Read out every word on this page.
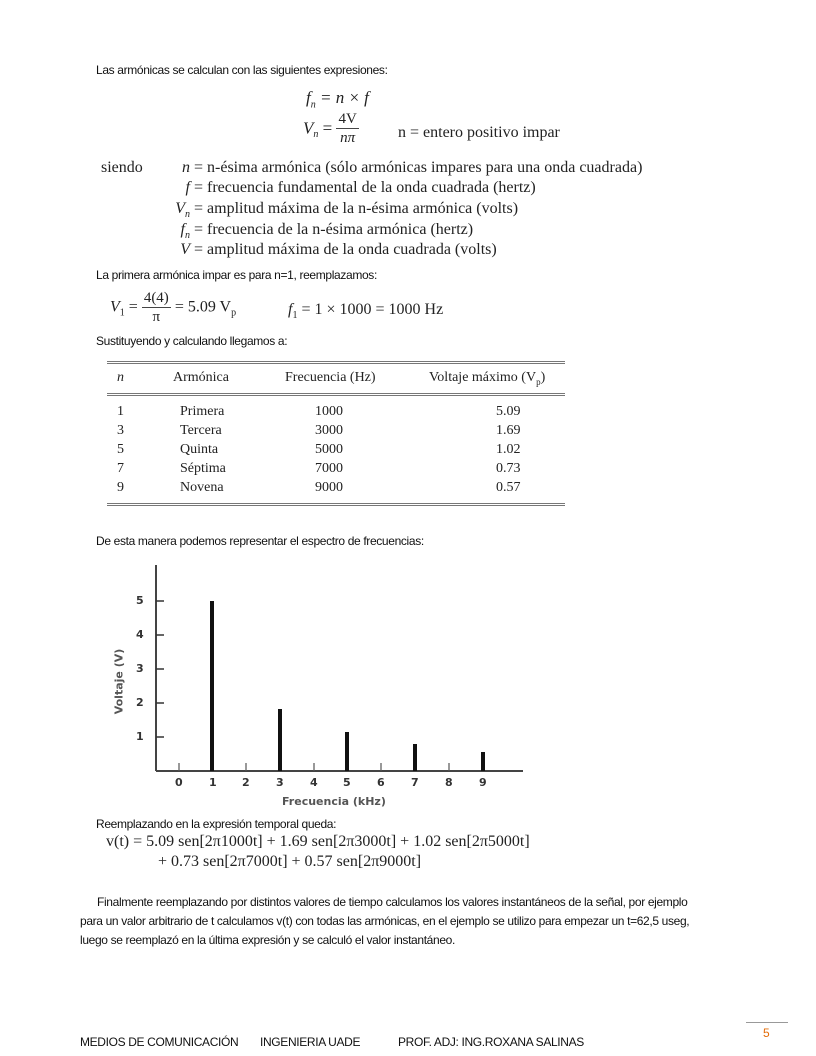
Las armónicas se calculan con las siguientes expresiones:
$f_n = n \times f$
$V_n = \frac{4V}{n\pi}$ n = entero positivo impar
siendo	n = n-ésima armónica (sólo armónicas impares para una onda cuadrada)
f = frecuencia fundamental de la onda cuadrada (hertz)
$V_n$ = amplitud máxima de la n-ésima armónica (volts)
$f_n$ = frecuencia de la n-ésima armónica (hertz)
V = amplitud máxima de la onda cuadrada (volts)
La primera armónica impar es para n=1, reemplazamos:
$V_1 = \frac{4(4)}{\pi} = 5.09$ $V_p$	$f_1 = 1 \times 1000 = 1000$ Hz
Sustituyendo y calculando llegamos a:
n	Armónica	Frecuencia (Hz)	Voltaje máximo $(V_p)$
1	Primera	1000	5.09
3	Tercera	3000	1.69
5	Quinta	5000	1.02
7	Séptima	7000	0.73
9	Novena	9000	0.57
De esta manera podemos representar el espectro de frecuencias:
1
2
3
4
5
Voltaje (V)
0 1 2 3 4 5 6 7 8 9
Frecuencia (kHz)
Reemplazando en la expresión temporal queda:
v(t) = 5.09 sen[2π1000t] + 1.69 sen[2π3000t] + 1.02 sen[2π5000t]
+ 0.73 sen[2π7000t] + 0.57 sen[2π9000t]
Finalmente reemplazando por distintos valores de tiempo calculamos los valores instantáneos de la señal, por ejemplo
para un valor arbitrario de t calculamos v(t) con todas las armónicas, en el ejemplo se utilizo para empezar un t=62,5 useg,
luego se reemplazó en la última expresión y se calculó el valor instantáneo.
MEDIOS DE COMUNICACIÓN INGENIERIA UADE	PROF. ADJ: ING.ROXANA SALINAS
5
